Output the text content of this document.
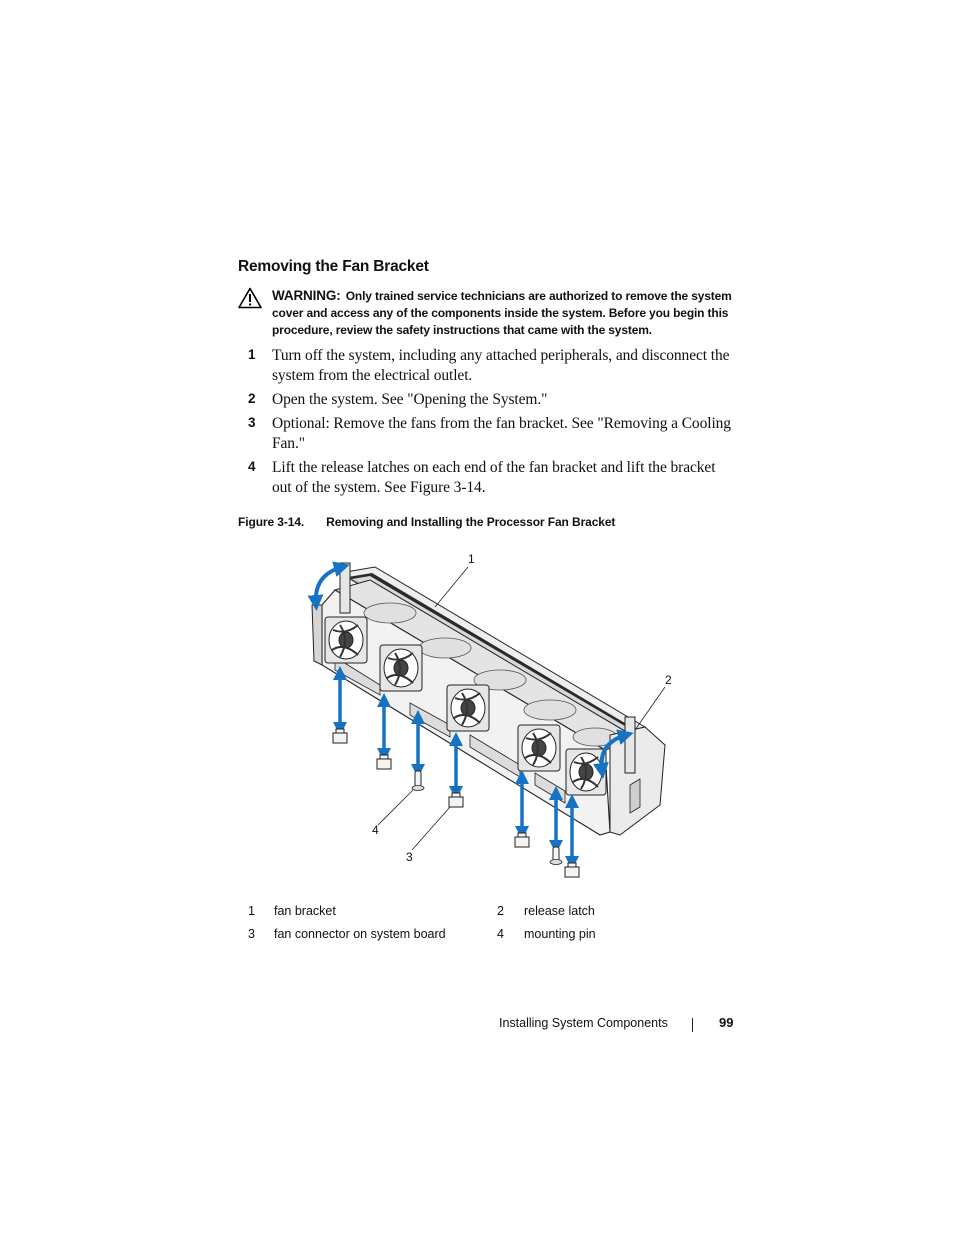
Removing the Fan Bracket
WARNING: Only trained service technicians are authorized to remove the system cover and access any of the components inside the system. Before you begin this procedure, review the safety instructions that came with the system.
1 Turn off the system, including any attached peripherals, and disconnect the system from the electrical outlet.
2 Open the system. See "Opening the System."
3 Optional: Remove the fans from the fan bracket. See "Removing a Cooling Fan."
4 Lift the release latches on each end of the fan bracket and lift the bracket out of the system. See Figure 3-14.
Figure 3-14. Removing and Installing the Processor Fan Bracket
1
2
3
4
1 fan bracket	2 release latch
3 fan connector on system board	4 mounting pin
Installing System Components	99
